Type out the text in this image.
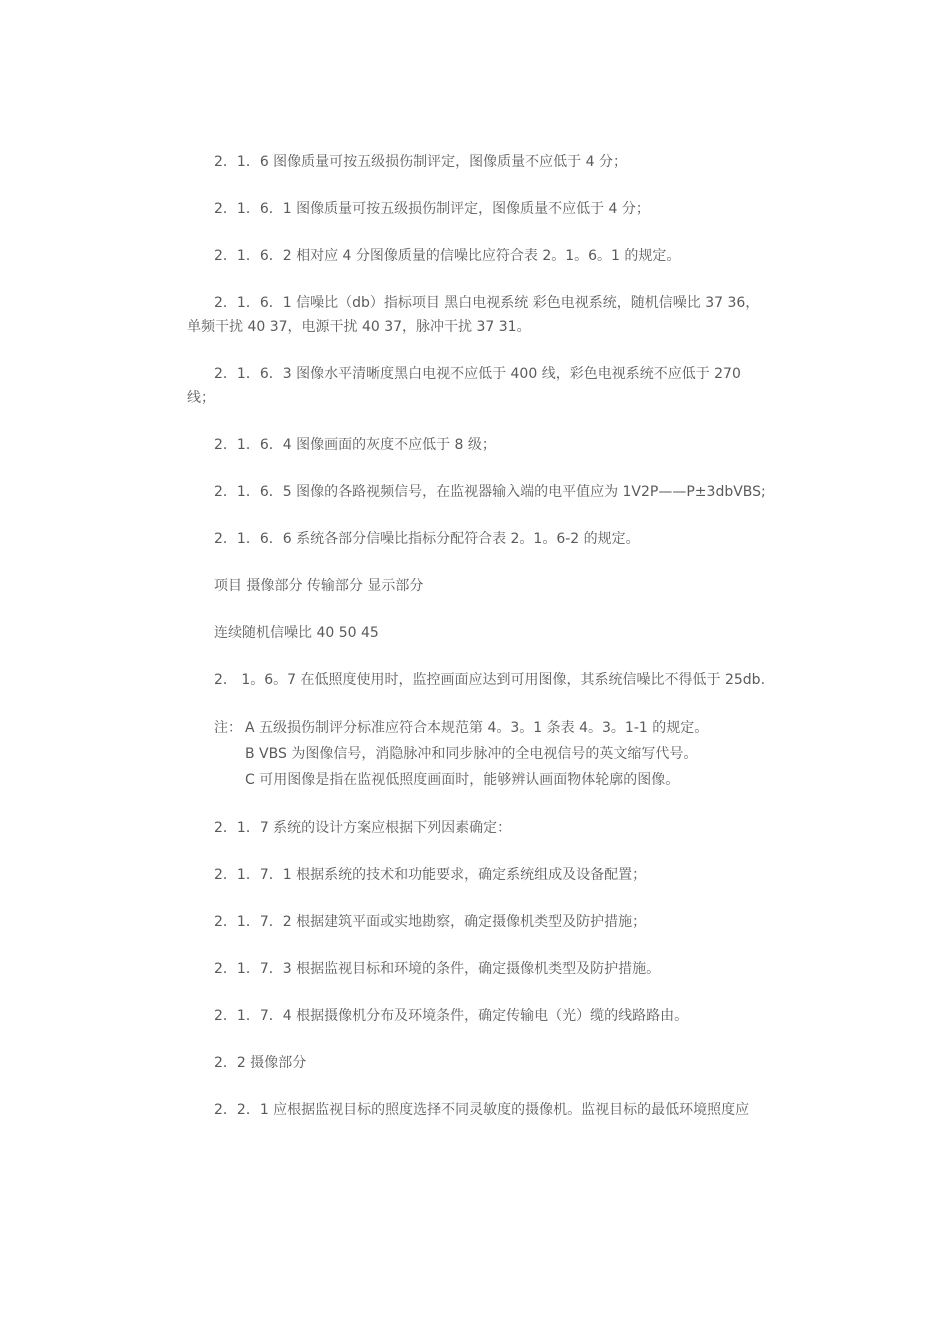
2．1．6 图像质量可按五级损伤制评定，图像质量不应低于 4 分；

2．1．6．1 图像质量可按五级损伤制评定，图像质量不应低于 4 分；

2．1．6．2 相对应 4 分图像质量的信噪比应符合表 2。1。6。1 的规定。

2．1．6．1 信噪比（db）指标项目 黑白电视系统 彩色电视系统，随机信噪比 37 36，单频干扰 40 37，电源干扰 40 37，脉冲干扰 37 31。

2．1．6．3 图像水平清晰度黑白电视不应低于 400 线，彩色电视系统不应低于 270 线；

2．1．6．4 图像画面的灰度不应低于 8 级；

2．1．6．5 图像的各路视频信号，在监视器输入端的电平值应为 1V2P——P±3dbVBS;

2．1．6．6 系统各部分信噪比指标分配符合表 2。1。6-2 的规定。

项目 摄像部分 传输部分 显示部分

连续随机信噪比 40 50 45

2． 1。6。7 在低照度使用时，监控画面应达到可用图像，其系统信噪比不得低于 25db.

注： A 五级损伤制评分标准应符合本规范第 4。3。1 条表 4。3。1-1 的规定。
B VBS 为图像信号，消隐脉冲和同步脉冲的全电视信号的英文缩写代号。
C 可用图像是指在监视低照度画面时，能够辨认画面物体轮廓的图像。

2．1．7 系统的设计方案应根据下列因素确定：

2．1．7．1 根据系统的技术和功能要求，确定系统组成及设备配置；

2．1．7．2 根据建筑平面或实地勘察，确定摄像机类型及防护措施；

2．1．7．3 根据监视目标和环境的条件，确定摄像机类型及防护措施。

2．1．7．4 根据摄像机分布及环境条件，确定传输电（光）缆的线路路由。

2．2 摄像部分

2．2．1 应根据监视目标的照度选择不同灵敏度的摄像机。监视目标的最低环境照度应
